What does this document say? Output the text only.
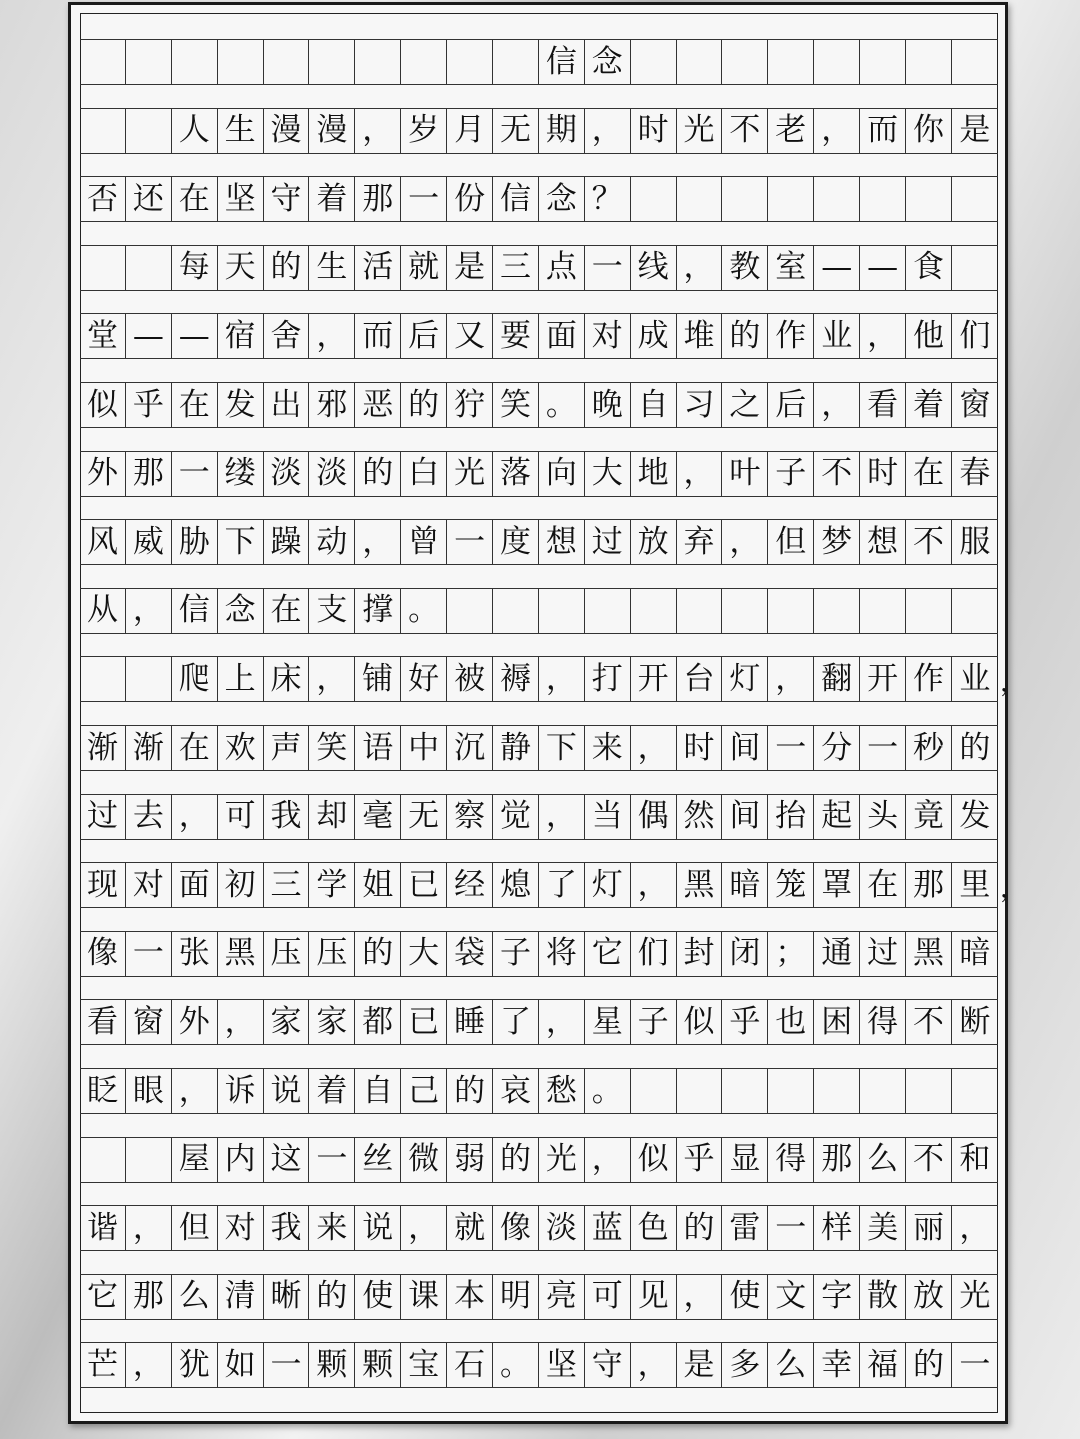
信 念
人 生 漫 漫 ， 岁 月 无 期 ， 时 光 不 老 ， 而 你 是
否 还 在 坚 守 着 那 一 份 信 念 ？
每 天 的 生 活 就 是 三 点 一 线 ， 教 室 — — 食
堂 — — 宿 舍 ， 而 后 又 要 面 对 成 堆 的 作 业 ， 他 们
似 乎 在 发 出 邪 恶 的 狞 笑 。 晚 自 习 之 后 ， 看 着 窗
外 那 一 缕 淡 淡 的 白 光 落 向 大 地 ， 叶 子 不 时 在 春
风 威 胁 下 躁 动 ， 曾 一 度 想 过 放 弃 ， 但 梦 想 不 服
从 ， 信 念 在 支 撑 。
爬 上 床 ， 铺 好 被 褥 ， 打 开 台 灯 ， 翻 开 作 业
渐 渐 在 欢 声 笑 语 中 沉 静 下 来 ， 时 间 一 分 一 秒 的
过 去 ， 可 我 却 毫 无 察 觉 ， 当 偶 然 间 抬 起 头 竟 发
现 对 面 初 三 学 姐 已 经 熄 了 灯 ， 黑 暗 笼 罩 在 那 里
像 一 张 黑 压 压 的 大 袋 子 将 它 们 封 闭 ； 通 过 黑 暗
看 窗 外 ， 家 家 都 已 睡 了 ， 星 子 似 乎 也 困 得 不 断
眨 眼 ， 诉 说 着 自 己 的 哀 愁 。
屋 内 这 一 丝 微 弱 的 光 ， 似 乎 显 得 那 么 不 和
谐 ， 但 对 我 来 说 ， 就 像 淡 蓝 色 的 雷 一 样 美 丽 ，
它 那 么 清 晰 的 使 课 本 明 亮 可 见 ， 使 文 字 散 放 光
芒 ， 犹 如 一 颗 颗 宝 石 。 坚 守 ， 是 多 么 幸 福 的 一
，
，
